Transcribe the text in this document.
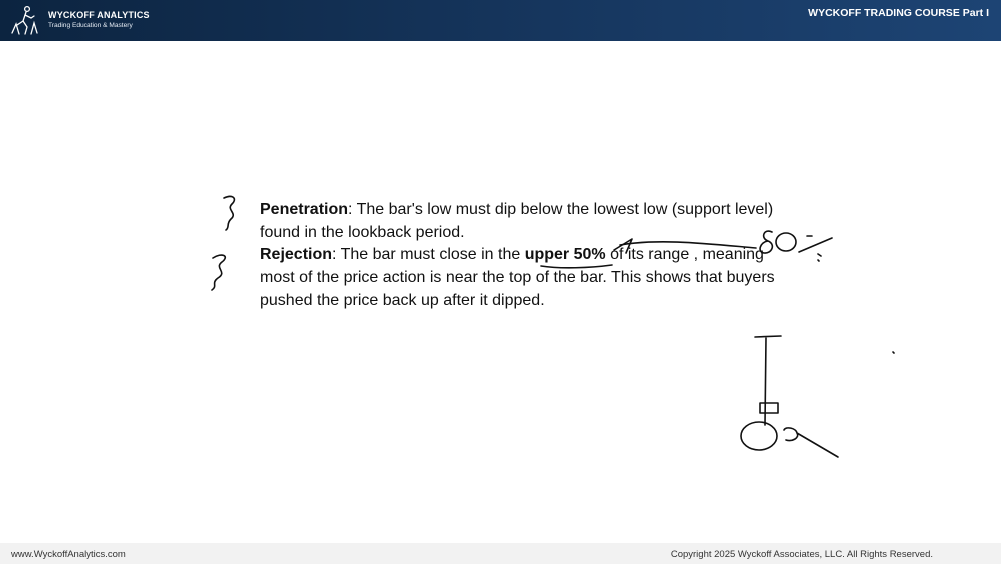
WYCKOFF ANALYTICS
Trading Education & Mastery
WYCKOFF TRADING COURSE Part I

Penetration: The bar's low must dip below the lowest low (support level) found in the lookback period.

Rejection: The bar must close in the upper 50% of its range , meaning most of the price action is near the top of the bar. This shows that buyers pushed the price back up after it dipped.

www.WyckoffAnalytics.com	Copyright 2025 Wyckoff Associates, LLC. All Rights Reserved.
